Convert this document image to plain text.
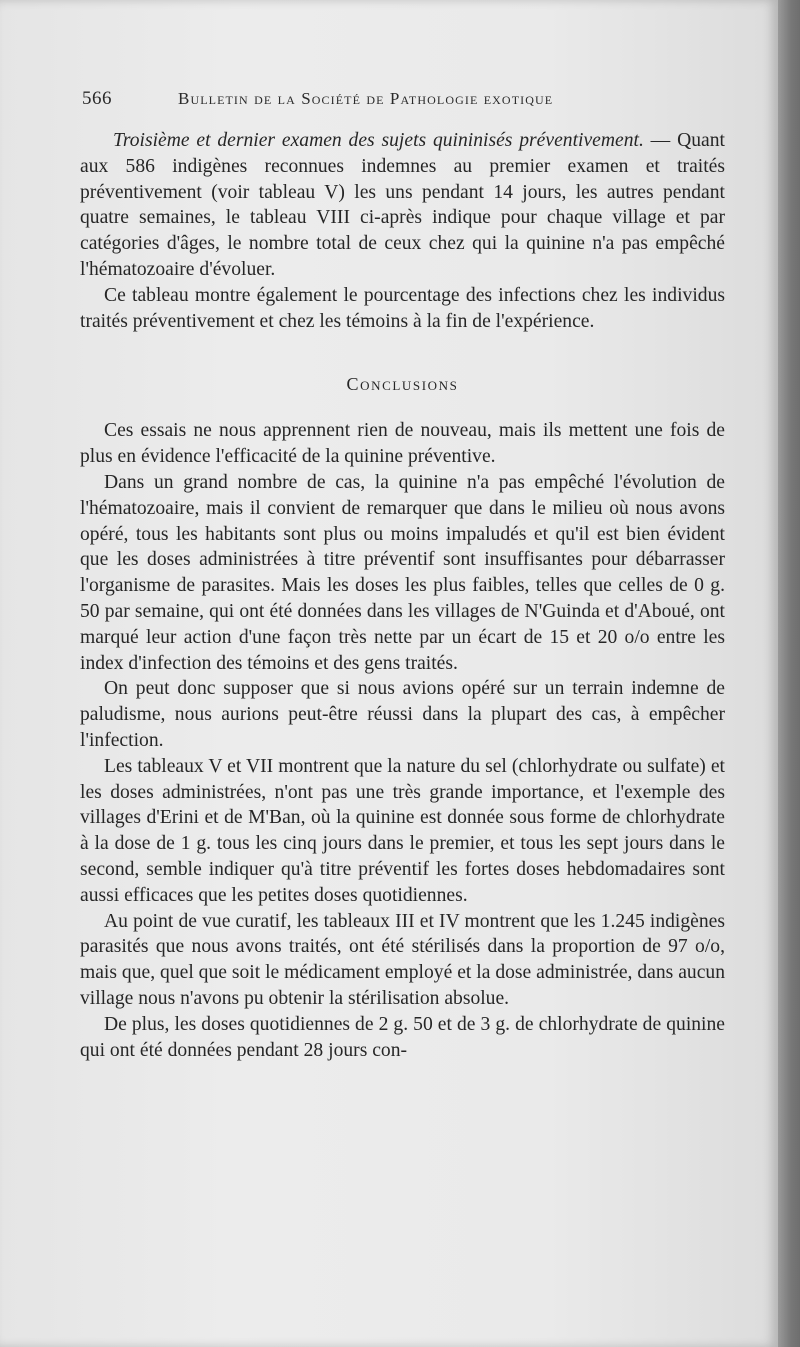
566	Bulletin de la Société de Pathologie exotique

Troisième et dernier examen des sujets quininisés préventivement. — Quant aux 586 indigènes reconnues indemnes au premier examen et traités préventivement (voir tableau V) les uns pendant 14 jours, les autres pendant quatre semaines, le tableau VIII ci-après indique pour chaque village et par catégories d'âges, le nombre total de ceux chez qui la quinine n'a pas empêché l'hématozoaire d'évoluer.

Ce tableau montre également le pourcentage des infections chez les individus traités préventivement et chez les témoins à la fin de l'expérience.

Conclusions

Ces essais ne nous apprennent rien de nouveau, mais ils mettent une fois de plus en évidence l'efficacité de la quinine préventive.

Dans un grand nombre de cas, la quinine n'a pas empêché l'évolution de l'hématozoaire, mais il convient de remarquer que dans le milieu où nous avons opéré, tous les habitants sont plus ou moins impaludés et qu'il est bien évident que les doses administrées à titre préventif sont insuffisantes pour débarrasser l'organisme de parasites. Mais les doses les plus faibles, telles que celles de 0 g. 50 par semaine, qui ont été données dans les villages de N'Guinda et d'Aboué, ont marqué leur action d'une façon très nette par un écart de 15 et 20 o/o entre les index d'infection des témoins et des gens traités.

On peut donc supposer que si nous avions opéré sur un terrain indemne de paludisme, nous aurions peut-être réussi dans la plupart des cas, à empêcher l'infection.

Les tableaux V et VII montrent que la nature du sel (chlorhydrate ou sulfate) et les doses administrées, n'ont pas une très grande importance, et l'exemple des villages d'Erini et de M'Ban, où la quinine est donnée sous forme de chlorhydrate à la dose de 1 g. tous les cinq jours dans le premier, et tous les sept jours dans le second, semble indiquer qu'à titre préventif les fortes doses hebdomadaires sont aussi efficaces que les petites doses quotidiennes.

Au point de vue curatif, les tableaux III et IV montrent que les 1.245 indigènes parasités que nous avons traités, ont été stérilisés dans la proportion de 97 o/o, mais que, quel que soit le médicament employé et la dose administrée, dans aucun village nous n'avons pu obtenir la stérilisation absolue.

De plus, les doses quotidiennes de 2 g. 50 et de 3 g. de chlorhydrate de quinine qui ont été données pendant 28 jours con-
